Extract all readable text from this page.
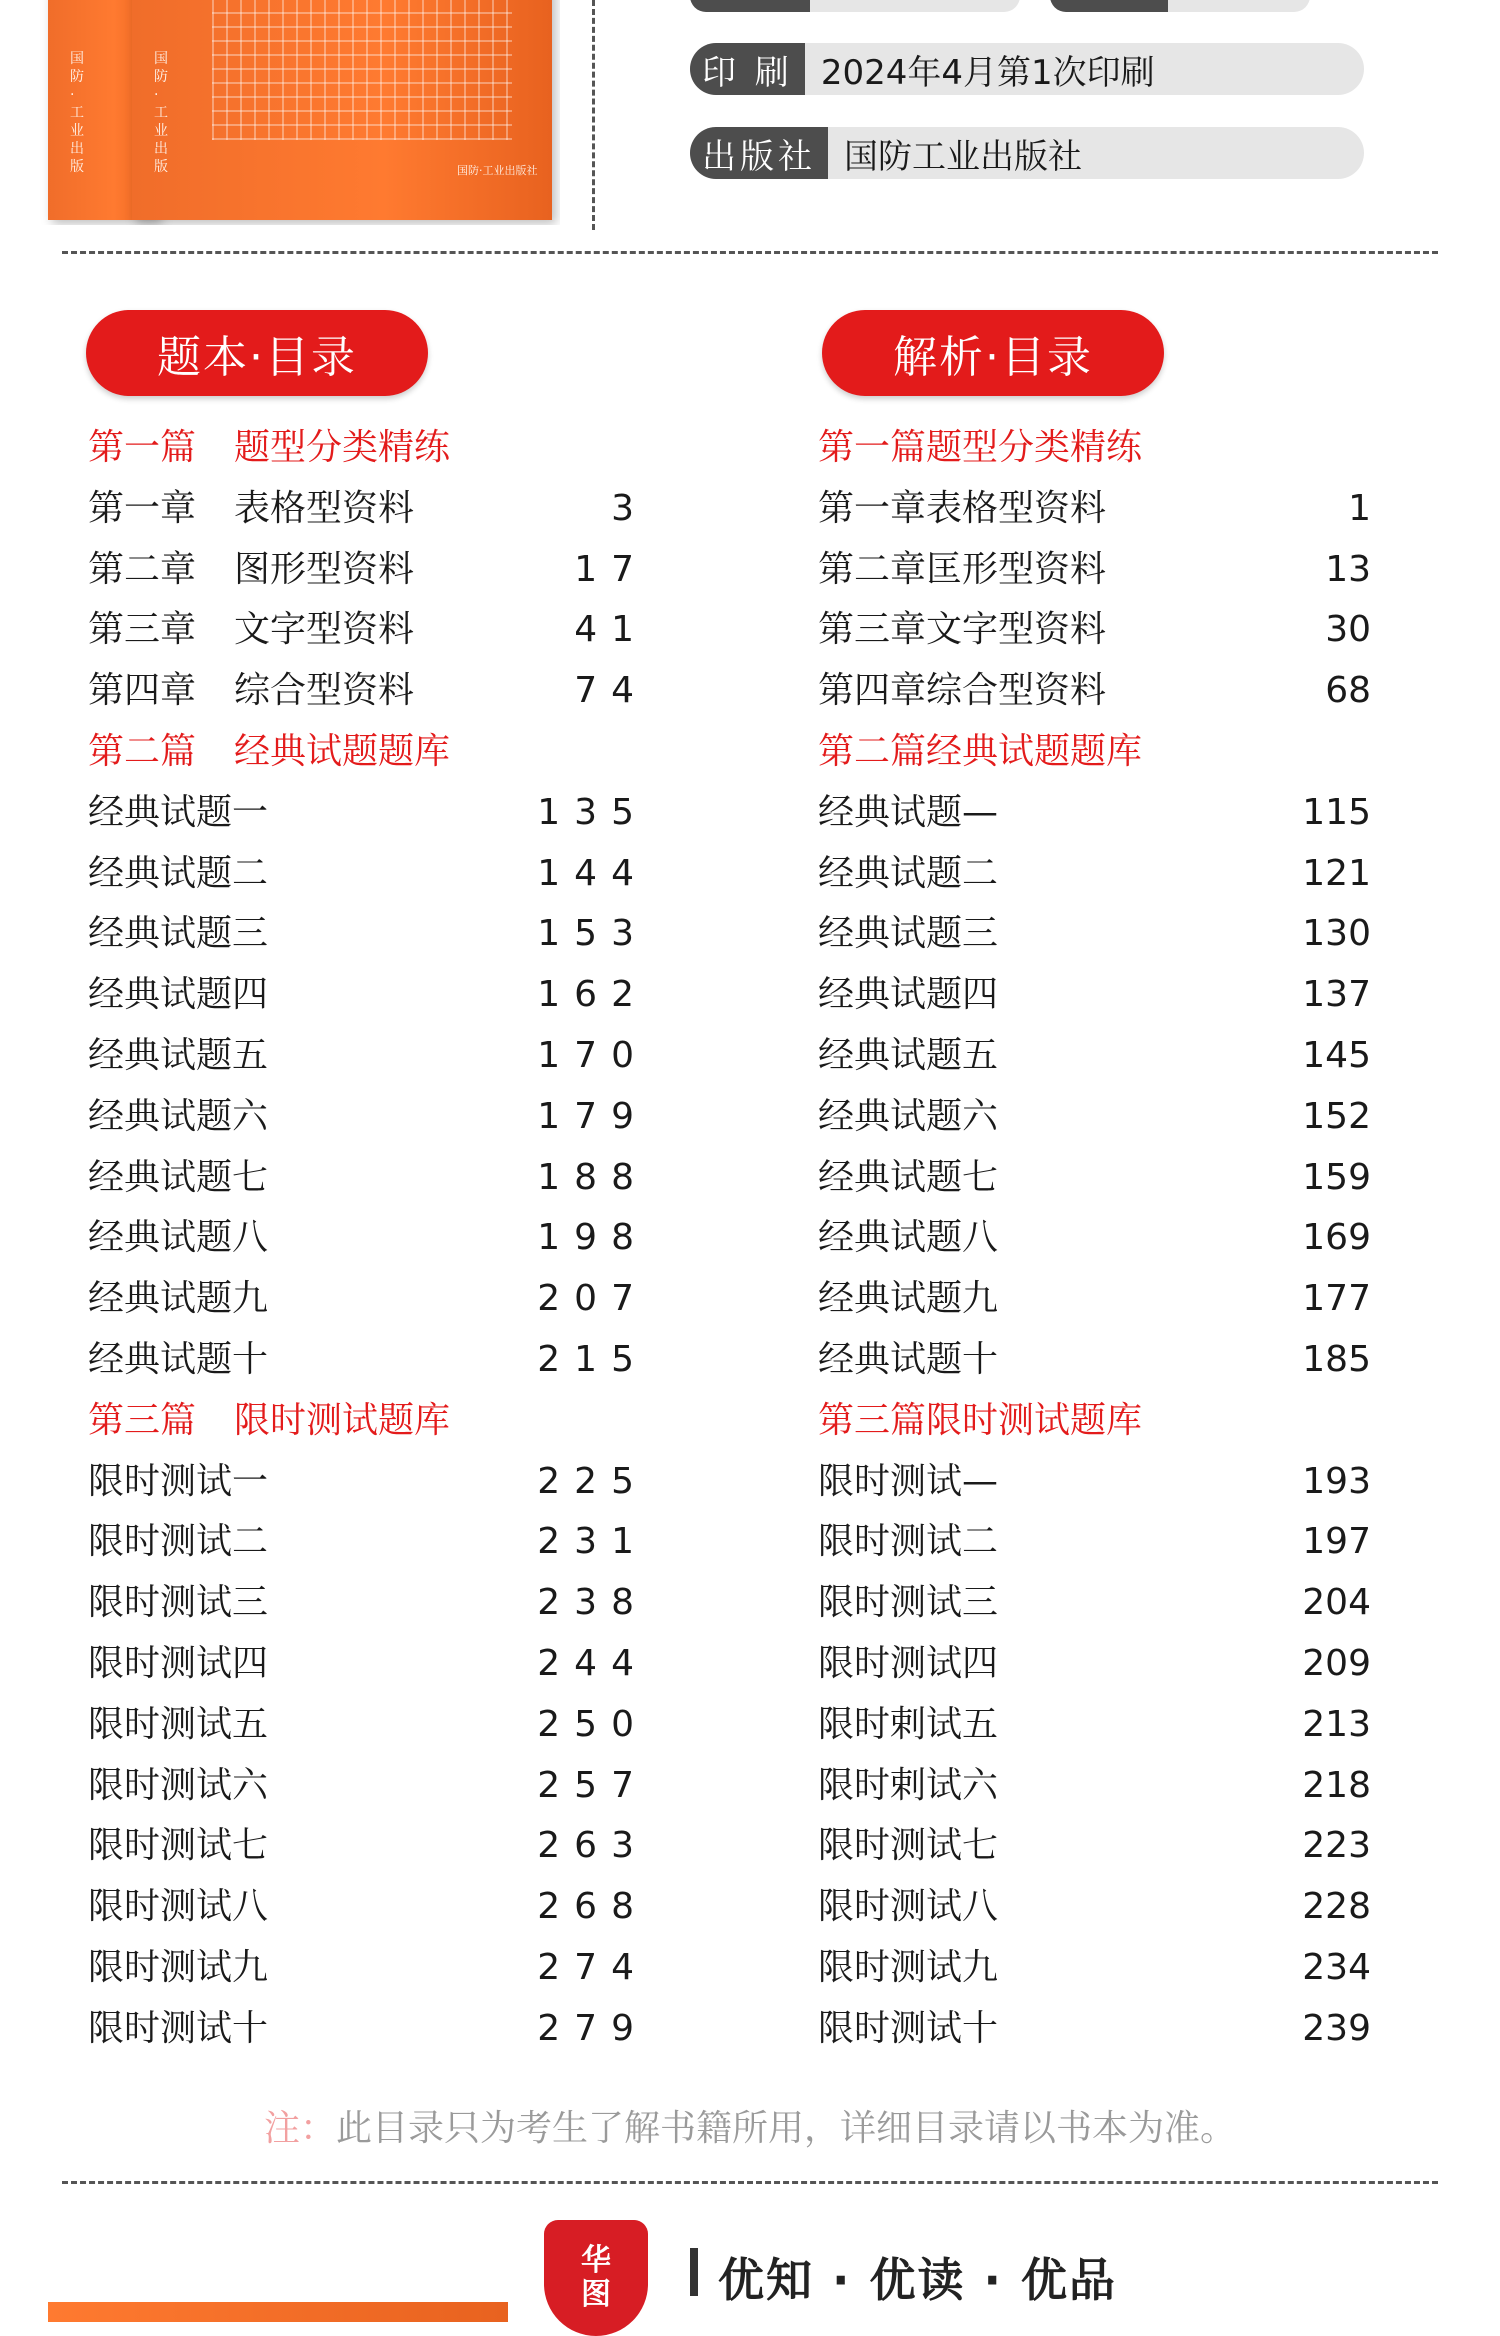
国防·工业出版
国防·工业出版	国防·工业出版社
印 刷 2024年4月第1次印刷
出版社 国防工业出版社
题本·目录	解析·目录
第一篇 题型分类精练
第一章 表格型资料	3
第二章 图形型资料	17
第三章 文字型资料	41
第四章 综合型资料	74
第二篇 经典试题题库
经典试题一	135
经典试题二	144
经典试题三	153
经典试题四	162
经典试题五	170
经典试题六	179
经典试题七	188
经典试题八	198
经典试题九	207
经典试题十	215
第三篇 限时测试题库
限时测试一	225
限时测试二	231
限时测试三	238
限时测试四	244
限时测试五	250
限时测试六	257
限时测试七	263
限时测试八	268
限时测试九	274
限时测试十	279
第一篇题型分类精练
第一章表格型资料	1
第二章匡形型资料	13
第三章文字型资料	30
第四章综合型资料	68
第二篇经典试题题库
经典试题—	115
经典试题二	121
经典试题三	130
经典试题四	137
经典试题五	145
经典试题六	152
经典试题七	159
经典试题八	169
经典试题九	177
经典试题十	185
第三篇限时测试题库
限时测试—	193
限时测试二	197
限时测试三	204
限时测试四	209
限时剌试五	213
限时剌试六	218
限时测试七	223
限时测试八	228
限时测试九	234
限时测试十	239
注：此目录只为考生了解书籍所用，详细目录请以书本为准。
华
图 优知 · 优读 · 优品
